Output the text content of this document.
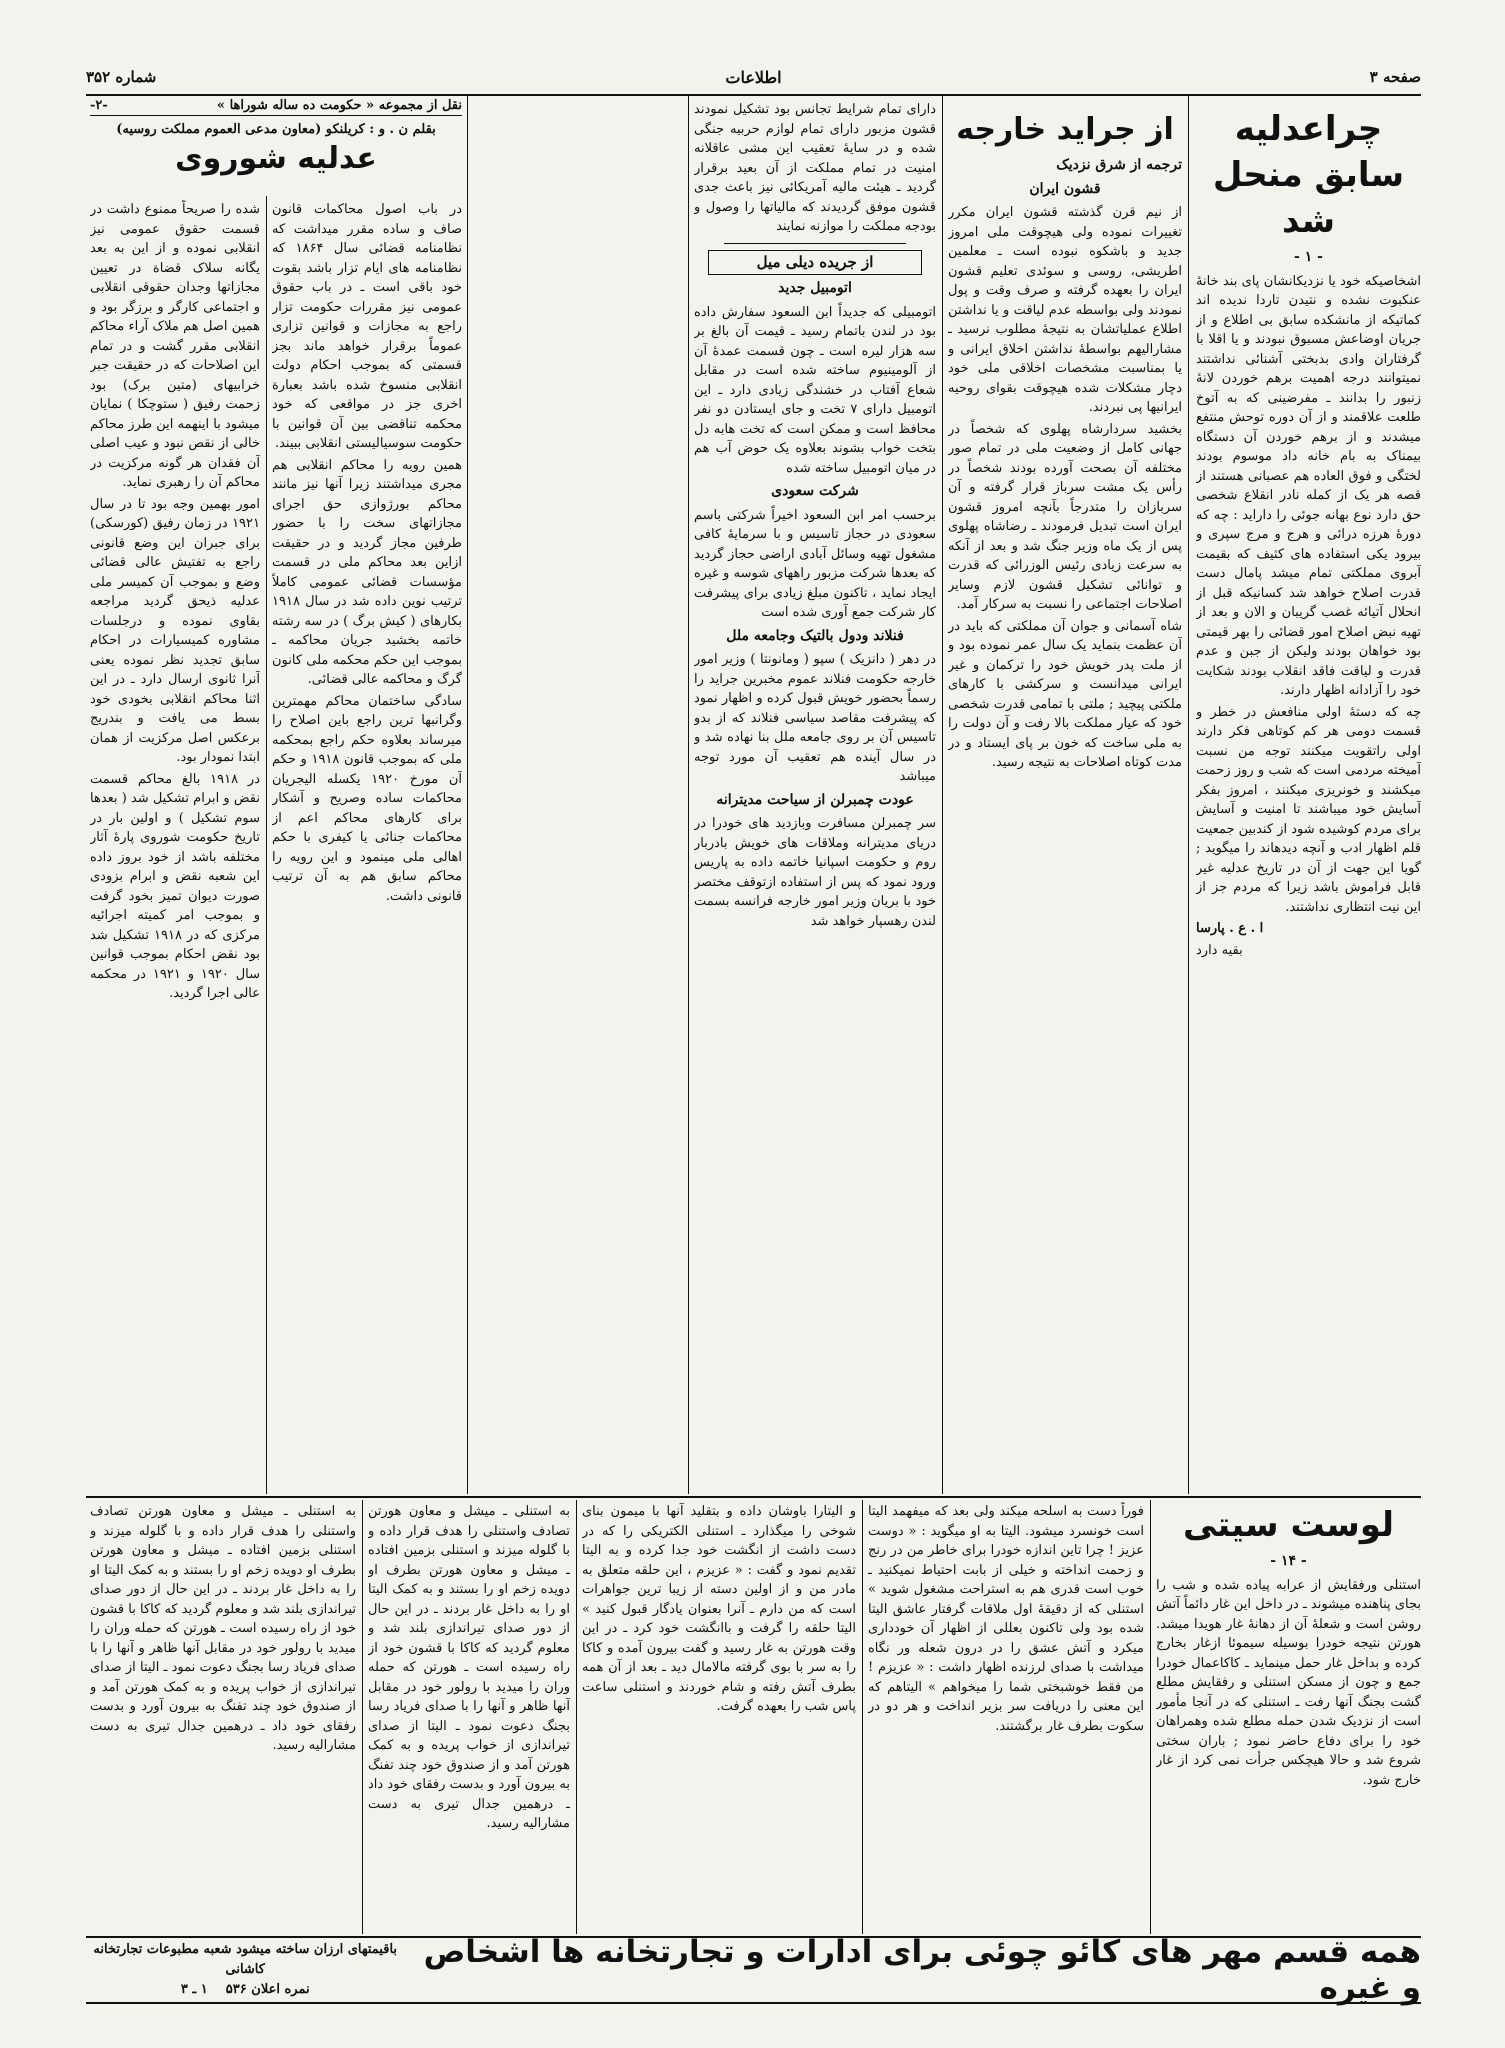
صفحه ۳
اطلاعات
شماره ۳۵۲
چراعدلیه سابق منحل شد
- ۱ -

اشخاصیکه خود یا نزدیکانشان پای بند خانهٔ عنکبوت نشده و نتیدن تاردا ندیده اند کماتیکه از مانشکده سابق بی اطلاع و از جریان اوضاعش مسبوق نبودند و یا اقلا با گرفتاران وادی بدبختی آشنائی نداشتند نمیتوانند درجه اهمیت برهم خوردن لانهٔ زنبور را بدانند ـ مفرضینی که به آتوخ طلعت علاقمند و از آن دوره توحش منتفع میشدند و از برهم خوردن آن دستگاه بیمناک به بام خانه داد موسوم بودند لختگی و فوق العاده هم عصبانی هستند از قصه هر یک از کمله نادر انقلاع شخصی حق دارد نوع بهانه جوئی را داراید : چه که دورهٔ هرزه درائی و هرج و مرج سپری و بیرود یکی استفاده های کثیف که بقیمت آبروی مملکتی تمام میشد پامال دست قدرت اصلاح خواهد شد کسانیکه قبل از انحلال آتیائه غصب گریبان و الان و بعد از تهیه نبض اصلاح امور قضائی را بهر قیمتی بود خواهان بودند ولیکن از جبن و عدم قدرت و لیاقت فاقد انقلاب بودند شکایت خود را آزادانه اظهار دارند.

چه که دستهٔ اولی منافعش در خطر و قسمت دومی هر کم کوتاهی فکر دارند اولی راتقویت میکنند توجه من نسبت آمیخته مردمی است که شب و روز زحمت میکشند و خونریزی میکنند ، امروز بفکر آسایش خود میباشند تا امنیت و آسایش برای مردم کوشیده شود از کندبین جمعیت قلم اظهار ادب و آنچه دیدهاند را میگوید ; گویا این جهت از آن در تاریخ عدلیه غیر قابل فراموش باشد زیرا که مردم جز از این نیت انتظاری نداشتند.

ا . ع . پارسا

بقیه دارد

از جراید خارجه
ترجمه از شرق نزدیک
قشون ایران

از نیم قرن گذشته قشون ایران مکرر تغییرات نموده ولی هیچوقت ملی امروز جدید و باشکوه نبوده است ـ معلمین اطریشی، روسی و سوئدی تعلیم قشون ایران را بعهده گرفته و صرف وقت و پول نمودند ولی بواسطه عدم لیاقت و یا نداشتن اطلاع عملیاتشان به نتیجهٔ مطلوب نرسید ـ مشارالیهم بواسطهٔ نداشتن اخلاق ایرانی و یا بمناسبت مشخصات اخلاقی ملی خود دچار مشکلات شده هیچوقت بقوای روحیه ایرانیها پی نبردند.

بخشید سردارشاه پهلوی که شخصاً در جهانی کامل از وضعیت ملی در تمام صور مختلفه آن بصحت آورده بودند شخصاً در رأس یک مشت سرباز قرار گرفته و آن سربازان را متدرجاً بآنچه امروز قشون ایران است تبدیل فرمودند ـ رضاشاه پهلوی پس از یک ماه وزیر جنگ شد و بعد از آنکه به سرعت زیادی رئیس الوزرائی که قدرت و توانائی تشکیل قشون لازم وسایر اصلاحات اجتماعی را نسبت به سرکار آمد.

شاه آسمانی و جوان آن مملکتی که باید در آن عظمت بنماید یک سال عمر نموده بود و از ملت پدر خویش خود را ترکمان و غیر ایرانی میدانست و سرکشی با کارهای ملکتی پیچید ; ملتی با تمامی قدرت شخصی خود که عیار مملکت بالا رفت و آن دولت را به ملی ساخت که خون بر پای ایستاد و در مدت کوتاه اصلاحات به نتیجه رسید.

دارای تمام شرایط تجانس بود تشکیل نمودند قشون مزبور دارای تمام لوازم حربیه جنگی شده و در سایهٔ تعقیب این مشی عاقلانه امنیت در تمام مملکت از آن بعید برقرار گردید ـ هیئت مالیه آمریکائی نیز باعث جدی قشون موفق گردیدند که مالیاتها را وصول و بودجه مملکت را موازنه نمایند

از جریده دیلی میل
اتومبیل جدید

اتومبیلی که جدیداً ابن السعود سفارش داده بود در لندن باتمام رسید ـ قیمت آن بالغ بر سه هزار لیره است ـ چون قسمت عمدهٔ آن از آلومینیوم ساخته شده است در مقابل شعاع آفتاب در خشندگی زیادی دارد ـ این اتومبیل دارای ۷ تخت و جای ایستادن دو نفر محافظ است و ممکن است که تخت هابه دل بتخت خواب بشوند بعلاوه یک حوض آب هم در میان اتومبیل ساخته شده

شرکت سعودی

برحسب امر ابن السعود اخیراً شرکتی باسم سعودی در حجاز تاسیس و با سرمایهٔ کافی مشغول تهیه وسائل آبادی اراضی حجاز گردید که بعدها شرکت مزبور راههای شوسه و غیره ایجاد نماید ، تاکنون مبلغ زیادی برای پیشرفت کار شرکت جمع آوری شده است

فنلاند ودول بالتیک وجامعه ملل

در دهر ( دانزیک ) سپو ( ومانونتا ) وزیر امور خارجه حکومت فنلاند عموم مخبرین جراید را رسماً بحضور خویش قبول کرده و اظهار نمود که پیشرفت مقاصد سیاسی فنلاند که از بدو تاسیس آن بر روی جامعه ملل بنا نهاده شد و در سال آینده هم تعقیب آن مورد توجه میباشد

عودت چمبرلن از سیاحت مدیترانه

سر چمبرلن مسافرت وبازدید های خودرا در دریای مدیترانه وملاقات های خویش بادربار روم و حکومت اسپانیا خاتمه داده به پاریس ورود نمود که پس از استفاده ازتوقف مختصر خود با بریان وزیر امور خارجه فرانسه بسمت لندن رهسپار خواهد شد

نقل از مجموعه « حکومت ده ساله شوراها »
-۲-
بقلم ن . و : کریلنکو (معاون مدعی العموم مملکت روسیه)
عدلیه شوروی

در باب اصول محاکمات قانون صاف و ساده مقرر میداشت که نظامنامه قضائی سال ۱۸۶۴ که نظامنامه های ایام تزار باشد بقوت خود باقی است ـ در باب حقوق عمومی نیز مقررات حکومت تزار راجع به مجازات و قوانین تزاری عموماً برقرار خواهد ماند بجز قسمتی که بموجب احکام دولت انقلابی منسوخ شده باشد بعبارة اخری جز در مواقعی که خود محکمه تناقضی بین آن قوانین با حکومت سوسیالیستی انقلابی ببیند.

همین رویه را محاکم انقلابی هم مجری میداشتند زیرا آنها نیز مانند محاکم بورژوازی حق اجرای مجازاتهای سخت را با حضور طرفین مجاز گردید و در حقیقت ازاین بعد محاکم ملی در قسمت مؤسسات قضائی عمومی کاملاً ترتیب نوین داده شد در سال ۱۹۱۸ بکارهای ( کیش برگ ) در سه رشته خاتمه بخشید جریان محاکمه ـ بموجب این حکم محکمه ملی کانون گرگ و محاکمه عالی قضائی.

سادگی ساختمان محاکم مهمترین وگرانبها ترین راجع باین اصلاح را میرساند بعلاوه حکم راجع بمحکمه ملی که بموجب قانون ۱۹۱۸ و حکم آن مورخ ۱۹۲۰ یکسله الیجریان محاکمات ساده وصریح و آشکار برای کارهای محاکم اعم از محاکمات جنائی یا کیفری با حکم اهالی ملی مینمود و این رویه را محاکم سابق هم به آن ترتیب قانونی داشت.

شده را صریحاً ممنوع داشت در قسمت حقوق عمومی نیز انقلابی نموده و از این به بعد یگانه سلاک قضاة در تعیین مجازاتها وجدان حقوقی انقلابی و اجتماعی کارگر و برزگر بود و همین اصل هم ملاک آراء محاکم انقلابی مقرر گشت و در تمام این اصلاحات که در حقیقت جبر خرابیهای (متین برک) بود زحمت رفیق ( ستوچکا ) نمایان میشود با اینهمه این طرز محاکم خالی از نقص نبود و عیب اصلی آن فقدان هر گونه مرکزیت در محاکم آن را رهبری نماید.

امور بهمین وجه بود تا در سال ۱۹۲۱ در زمان رفیق (کورسکی) برای جبران این وضع قانونی راجع به تفتیش عالی قضائی وضع و بموجب آن کمیسر ملی عدلیه ذیحق گردید مراجعه بقاوی نموده و درجلسات مشاوره کمیسیارات در احکام سابق تجدید نظر نموده یعنی آنرا ثانوی ارسال دارد ـ در این اثنا محاکم انقلابی بخودی خود بسط می یافت و بندریج برعکس اصل مرکزیت از همان ابتدا نمودار بود.

در ۱۹۱۸ بالغ محاکم قسمت نقض و ابرام تشکیل شد ( بعدها سوم تشکیل ) و اولین بار در تاریخ حکومت شوروی پارهٔ آثار مختلفه باشد از خود بروز داده این شعبه نقض و ابرام بزودی صورت دیوان تمیز بخود گرفت و بموجب امر کمیته اجرائیه مرکزی که در ۱۹۱۸ تشکیل شد بود نقض احکام بموجب قوانین سال ۱۹۲۰ و ۱۹۲۱ در محکمه عالی اجرا گردید.

لوست سیتی
- ۱۴ -

استنلی ورفقایش از عرابه پیاده شده و شب را بجای پناهنده میشوند ـ در داخل این غار دائماً آتش روشن است و شعلهٔ آن از دهانهٔ غار هویدا میشد. هورتن نتیجه خودرا بوسیله سیموئا ازغار بخارج کرده و بداخل غار حمل مینماید ـ کاکاعمال خودرا جمع و چون از مسکن استنلی و رفقایش مطلع گشت بجنگ آنها رفت ـ استنلی که در آنجا مأمور است از نزدیک شدن حمله مطلع شده وهمراهان خود را برای دفاع حاضر نمود ; باران سختی شروع شد و حالا هیچکس جرأت نمی کرد از غار خارج شود.

فوراً دست به اسلحه میکند ولی بعد که میفهمد الیتا است خونسرد میشود. الیتا به او میگوید : « دوست عزیز ! چرا تاین اندازه خودرا برای خاطر من در رنج و زحمت انداخته و خیلی از بابت احتیاط نمیکنید ـ خوب است قدری هم به استراحت مشغول شوید » استنلی که از دقیقهٔ اول ملاقات گرفتار عاشق الیتا شده بود ولی تاکنون بعللی از اظهار آن خودداری میکرد و آتش عشق را در درون شعله ور نگاه میداشت با صدای لرزنده اظهار داشت : « عزیزم ! من فقط خوشبختی شما را میخواهم » الیتاهم که این معنی را دریافت سر بزیر انداخت و هر دو در سکوت بطرف غار برگشتند.

و الیتارا باوشان داده و بتقلید آنها با میمون بنای شوخی را میگذارد ـ استنلی الکتریکی را که در دست داشت از انگشت خود جدا کرده و به الیتا تقدیم نمود و گفت : « عزیزم ، این حلقه متعلق به مادر من و از اولین دسته از زیبا ترین جواهرات است که من دارم ـ آنرا بعنوان یادگار قبول کنید » الیتا حلقه را گرفت و باانگشت خود کرد ـ در این وقت هورتن به غار رسید و گفت بیرون آمده و کاکا را به سر با بوی گرفته مالامال دید ـ بعد از آن همه بطرف آتش رفته و شام خوردند و استنلی ساعت پاس شب را بعهده گرفت.

به استنلی ـ میشل و معاون هورتن تصادف واستنلی را هدف قرار داده و با گلوله میزند و استنلی بزمین افتاده ـ میشل و معاون هورتن بطرف او دویده زخم او را بستند و به کمک الیتا او را به داخل غار بردند ـ در این حال از دور صدای تیراندازی بلند شد و معلوم گردید که کاکا با قشون خود از راه رسیده است ـ هورتن که حمله وران را میدید با رولور خود در مقابل آنها ظاهر و آنها را با صدای فریاد رسا بجنگ دعوت نمود ـ الیتا از صدای تیراندازی از خواب پریده و به کمک هورتن آمد و از صندوق خود چند تفنگ به بیرون آورد و بدست رفقای خود داد ـ درهمین جدال تیری به دست مشارالیه رسید.

به استنلی ـ میشل و معاون هورتن تصادف واستنلی را هدف قرار داده و با گلوله میزند و استنلی بزمین افتاده ـ میشل و معاون هورتن بطرف او دویده زخم او را بستند و به کمک الیتا او را به داخل غار بردند ـ در این حال از دور صدای تیراندازی بلند شد و معلوم گردید که کاکا با قشون خود از راه رسیده است ـ هورتن که حمله وران را میدید با رولور خود در مقابل آنها ظاهر و آنها را با صدای فریاد رسا بجنگ دعوت نمود ـ الیتا از صدای تیراندازی از خواب پریده و به کمک هورتن آمد و از صندوق خود چند تفنگ به بیرون آورد و بدست رفقای خود داد ـ درهمین جدال تیری به دست مشارالیه رسید.

همه قسم مهر های کائو چوئی برای ادارات و تجارتخانه ها اشخاص و غیره
باقیمتهای ارزان ساخته میشود شعبه مطبوعات تجارتخانه کاشانی
نمره اعلان ۵۳۶    ۱ ـ ۳
